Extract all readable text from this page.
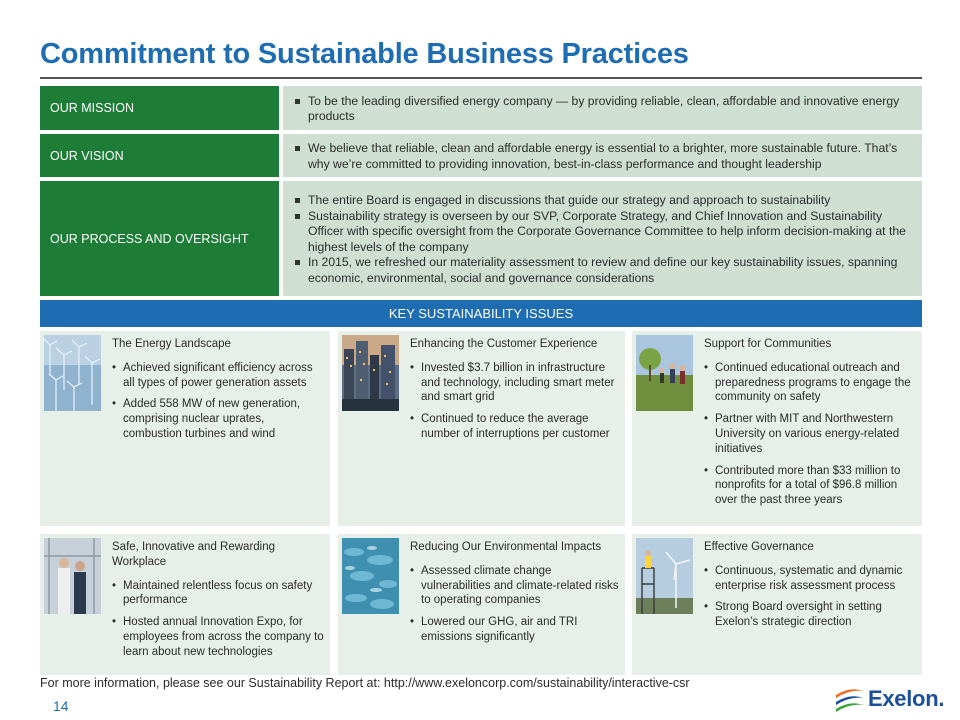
Commitment to Sustainable Business Practices
OUR MISSION
To be the leading diversified energy company — by providing reliable, clean, affordable and innovative energy products
OUR VISION
We believe that reliable, clean and affordable energy is essential to a brighter, more sustainable future. That’s why we’re committed to providing innovation, best-in-class performance and thought leadership
OUR PROCESS AND OVERSIGHT
The entire Board is engaged in discussions that guide our strategy and approach to sustainability
Sustainability strategy is overseen by our SVP, Corporate Strategy, and Chief Innovation and Sustainability Officer with specific oversight from the Corporate Governance Committee to help inform decision-making at the highest levels of the company
In 2015, we refreshed our materiality assessment to review and define our key sustainability issues, spanning economic, environmental, social and governance considerations
KEY SUSTAINABILITY ISSUES
The Energy Landscape
• Achieved significant efficiency across all types of power generation assets
• Added 558 MW of new generation, comprising nuclear uprates, combustion turbines and wind
Enhancing the Customer Experience
• Invested $3.7 billion in infrastructure and technology, including smart meter and smart grid
• Continued to reduce the average number of interruptions per customer
Support for Communities
• Continued educational outreach and preparedness programs to engage the community on safety
• Partner with MIT and Northwestern University on various energy-related initiatives
• Contributed more than $33 million to nonprofits for a total of $96.8 million over the past three years
Safe, Innovative and Rewarding Workplace
• Maintained relentless focus on safety performance
• Hosted annual Innovation Expo, for employees from across the company to learn about new technologies
Reducing Our Environmental Impacts
• Assessed climate change vulnerabilities and climate-related risks to operating companies
• Lowered our GHG, air and TRI emissions significantly
Effective Governance
• Continuous, systematic and dynamic enterprise risk assessment process
• Strong Board oversight in setting Exelon’s strategic direction
For more information, please see our Sustainability Report at: http://www.exeloncorp.com/sustainability/interactive-csr
14	Exelon.
